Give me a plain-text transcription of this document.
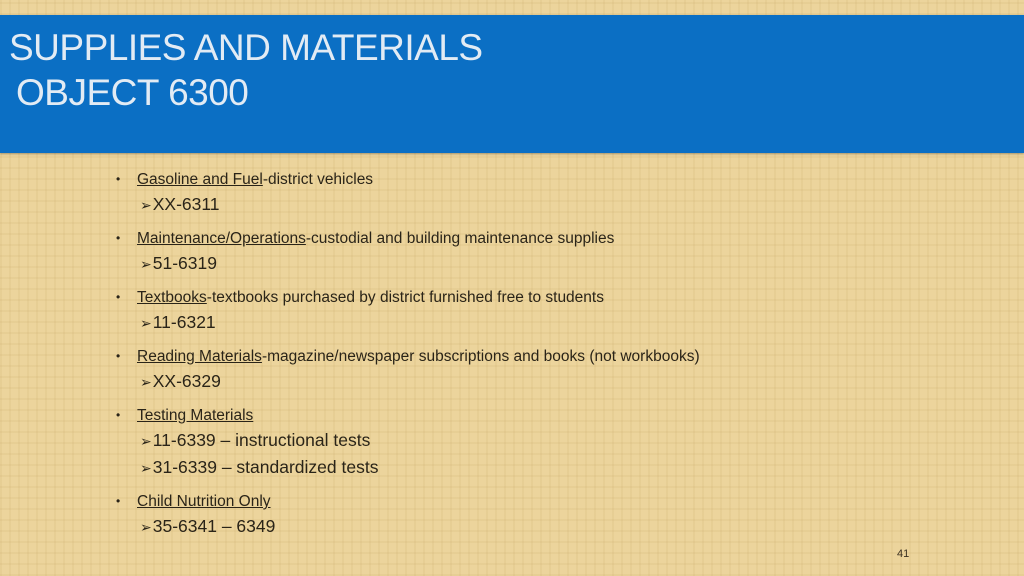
SUPPLIES AND MATERIALS
OBJECT 6300
• Gasoline and Fuel-district vehicles
➢XX-6311
• Maintenance/Operations-custodial and building maintenance supplies
➢51-6319
• Textbooks-textbooks purchased by district furnished free to students
➢11-6321
• Reading Materials-magazine/newspaper subscriptions and books (not workbooks)
➢XX-6329
• Testing Materials
➢11-6339 – instructional tests
➢31-6339 – standardized tests
• Child Nutrition Only
➢35-6341 – 6349
41
